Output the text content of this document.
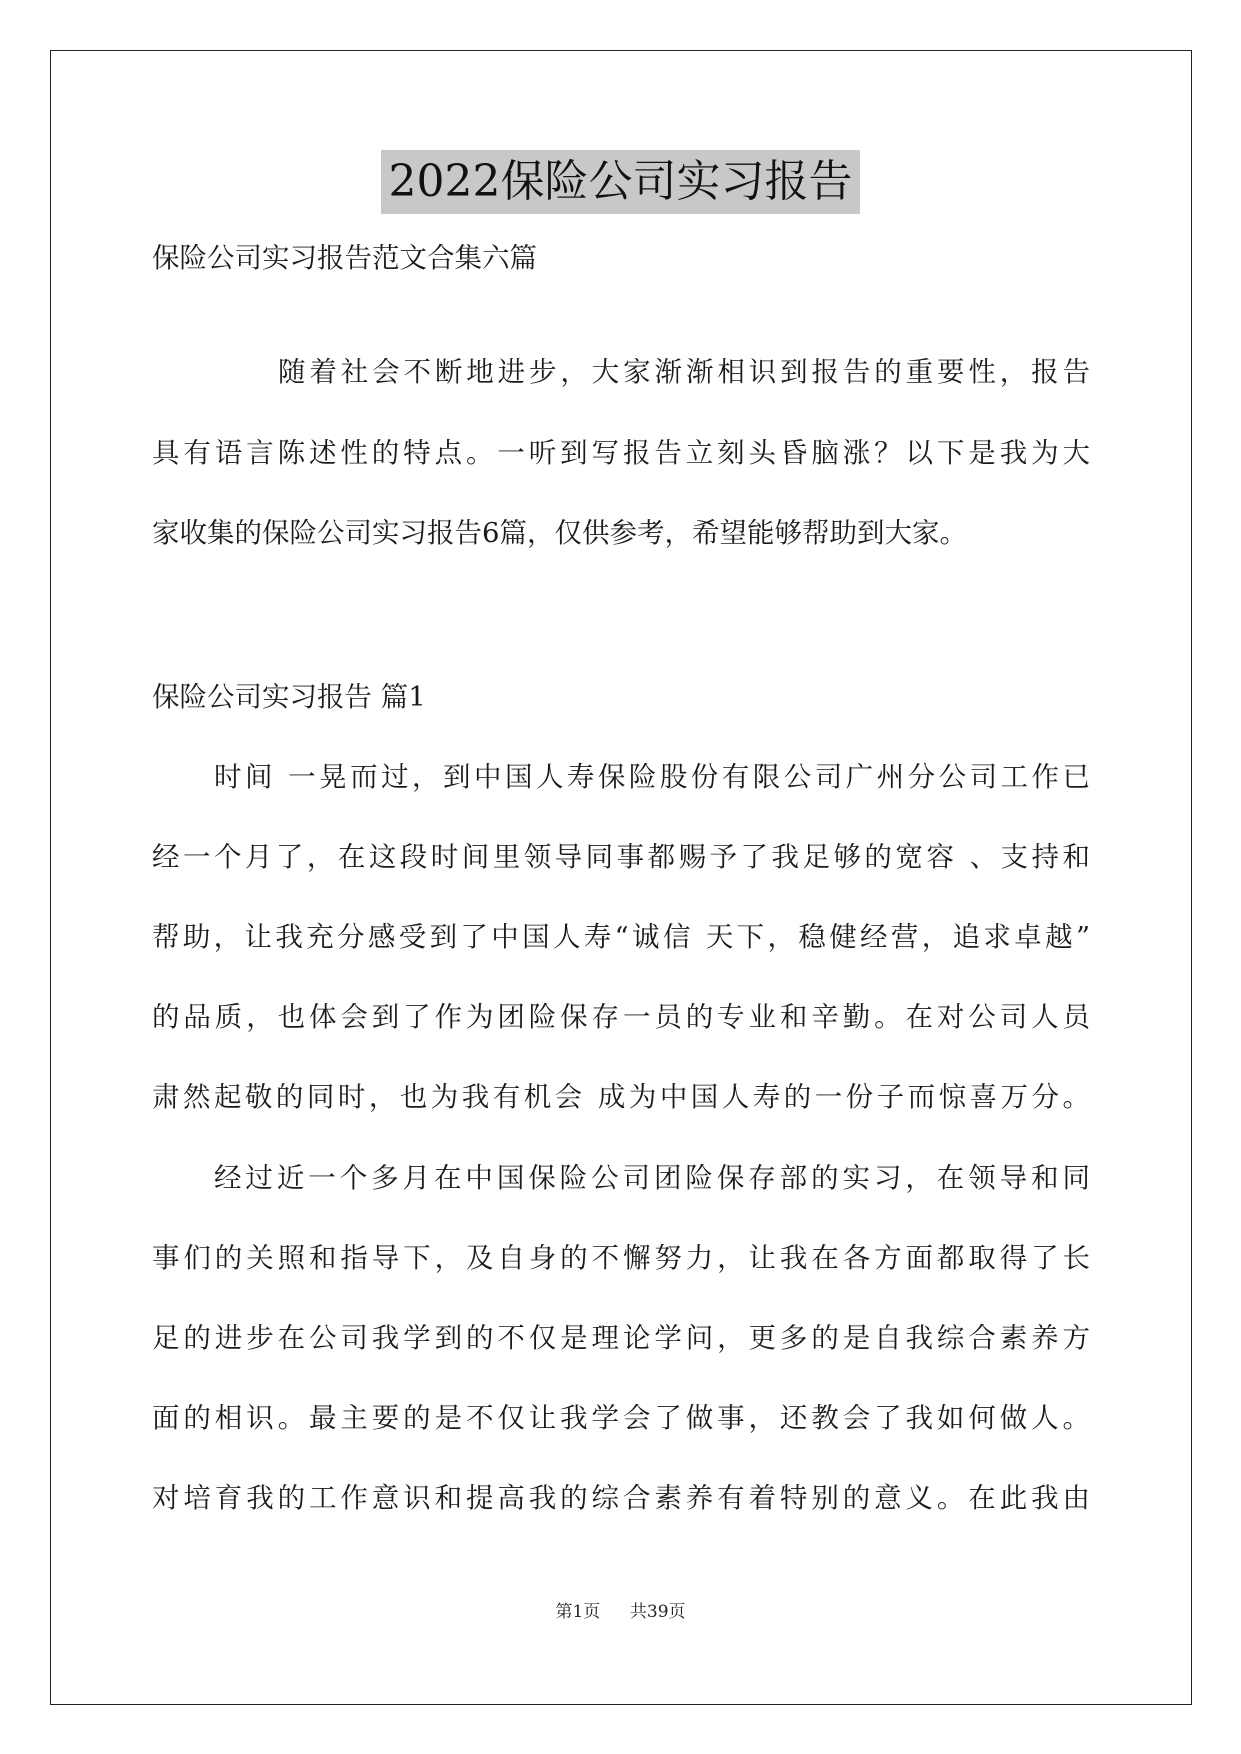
2022保险公司实习报告
保险公司实习报告范文合集六篇
随着社会不断地进步，大家渐渐相识到报告的重要性，报告
具有语言陈述性的特点。一听到写报告立刻头昏脑涨？以下是我为大
家收集的保险公司实习报告6篇，仅供参考，希望能够帮助到大家。
保险公司实习报告 篇1
时间 一晃而过，到中国人寿保险股份有限公司广州分公司工作已
经一个月了，在这段时间里领导同事都赐予了我足够的宽容 、支持和
帮助，让我充分感受到了中国人寿“诚信 天下，稳健经营，追求卓越”
的品质，也体会到了作为团险保存一员的专业和辛勤。在对公司人员
肃然起敬的同时，也为我有机会 成为中国人寿的一份子而惊喜万分。
经过近一个多月在中国保险公司团险保存部的实习，在领导和同
事们的关照和指导下，及自身的不懈努力，让我在各方面都取得了长
足的进步在公司我学到的不仅是理论学问，更多的是自我综合素养方
面的相识。最主要的是不仅让我学会了做事，还教会了我如何做人。
对培育我的工作意识和提高我的综合素养有着特别的意义。在此我由
第1页 共39页
